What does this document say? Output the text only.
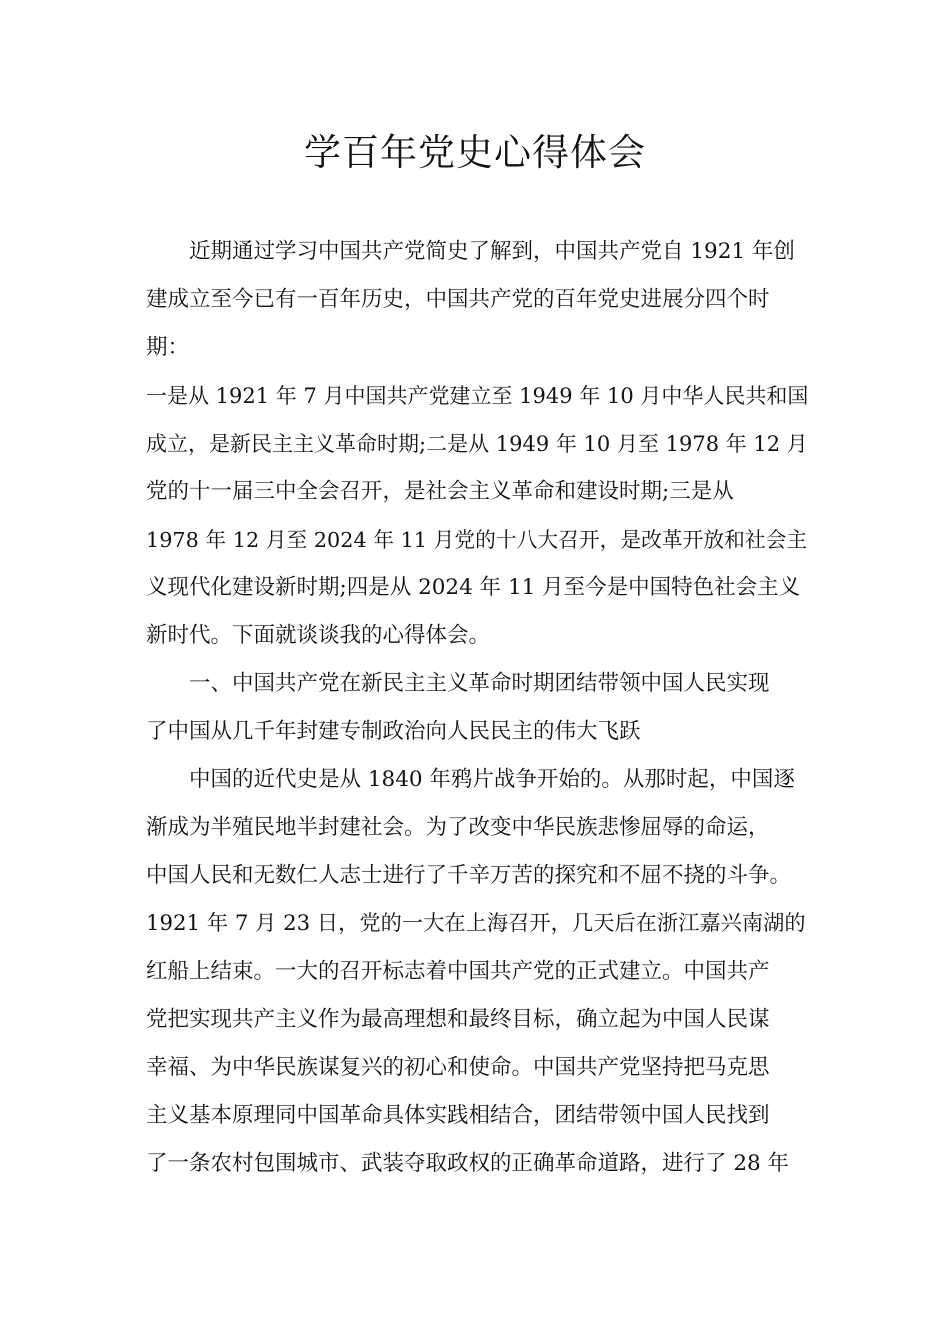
学百年党史心得体会
　　近期通过学习中国共产党简史了解到，中国共产党自 1921 年创
建成立至今已有一百年历史，中国共产党的百年党史进展分四个时
期：
一是从 1921 年 7 月中国共产党建立至 1949 年 10 月中华人民共和国
成立，是新民主主义革命时期;二是从 1949 年 10 月至 1978 年 12 月
党的十一届三中全会召开，是社会主义革命和建设时期;三是从
1978 年 12 月至 2024 年 11 月党的十八大召开，是改革开放和社会主
义现代化建设新时期;四是从 2024 年 11 月至今是中国特色社会主义
新时代。下面就谈谈我的心得体会。
　　一、中国共产党在新民主主义革命时期团结带领中国人民实现
了中国从几千年封建专制政治向人民民主的伟大飞跃
　　中国的近代史是从 1840 年鸦片战争开始的。从那时起，中国逐
渐成为半殖民地半封建社会。为了改变中华民族悲惨屈辱的命运，
中国人民和无数仁人志士进行了千辛万苦的探究和不屈不挠的斗争。
1921 年 7 月 23 日，党的一大在上海召开，几天后在浙江嘉兴南湖的
红船上结束。一大的召开标志着中国共产党的正式建立。中国共产
党把实现共产主义作为最高理想和最终目标，确立起为中国人民谋
幸福、为中华民族谋复兴的初心和使命。中国共产党坚持把马克思
主义基本原理同中国革命具体实践相结合，团结带领中国人民找到
了一条农村包围城市、武装夺取政权的正确革命道路，进行了 28 年
